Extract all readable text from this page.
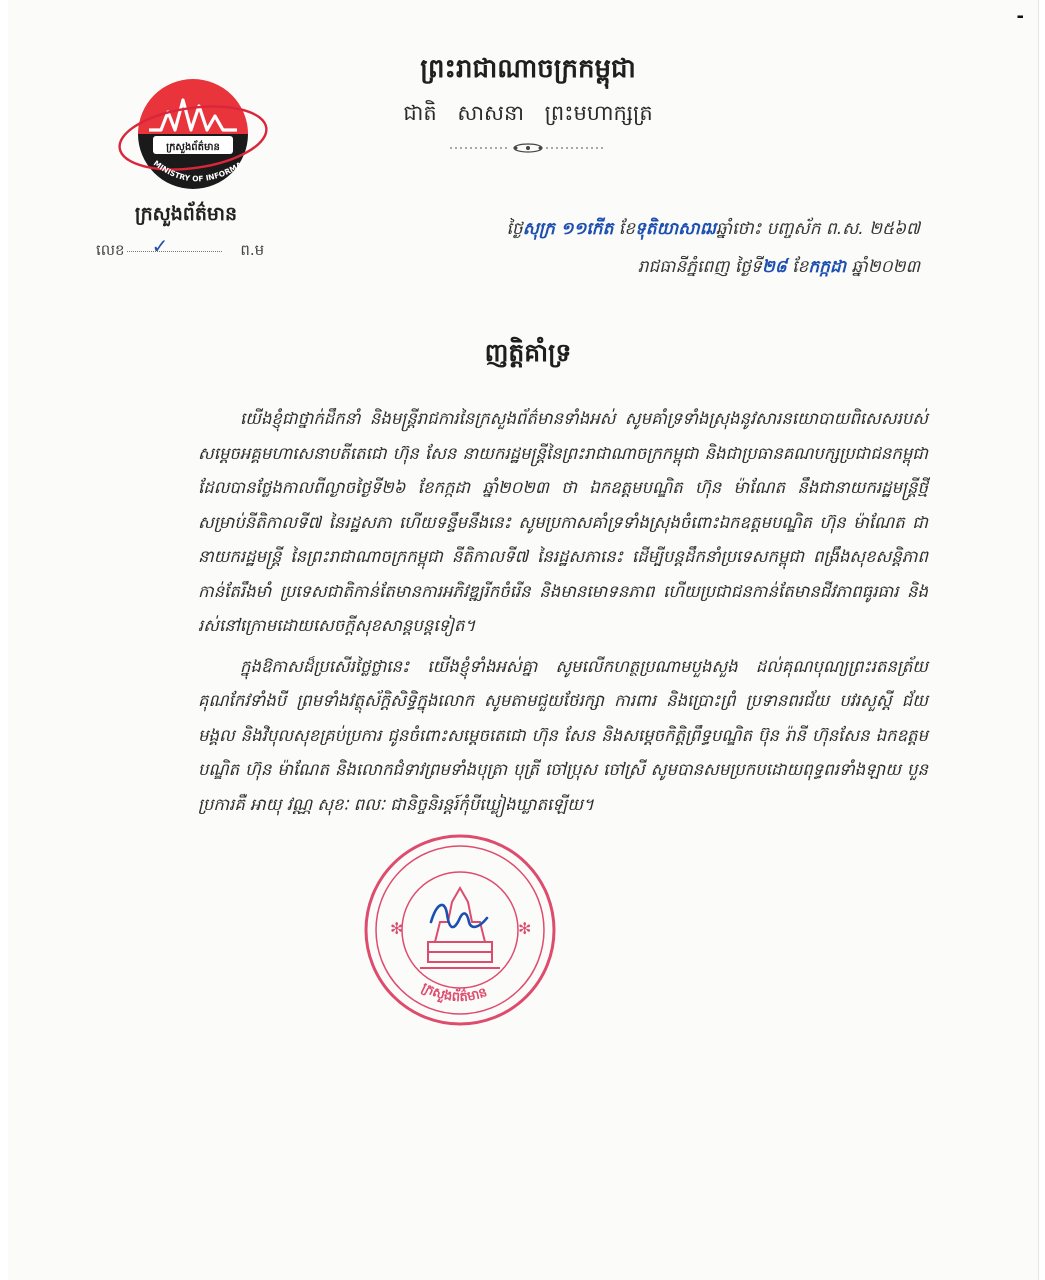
-
ក្រសួងព័ត៌មាន
MINISTRY OF INFORMA
ក្រសួងព័ត៌មាន
លេខ ✓	ព.ម
ព្រះរាជាណាចក្រកម្ពុជា
ជាតិ សាសនា ព្រះមហាក្សត្រ
ថ្ងៃសុក្រ ១១កើត ខែទុតិយាសាឍឆ្នាំថោះ បញ្ចស័ក ព.ស. ២៥៦៧
រាជធានីភ្នំពេញ ថ្ងៃទី២៨ ខែកក្កដា ឆ្នាំ២០២៣
ញត្តិគាំទ្រ

យើងខ្ញុំជាថ្នាក់ដឹកនាំ និងមន្ត្រីរាជការនៃក្រសួងព័ត៌មានទាំងអស់ សូមគាំទ្រទាំងស្រុងនូវសារនយោបាយពិសេសរបស់សម្តេចអគ្គមហាសេនាបតីតេជោ ហ៊ុន សែន នាយករដ្ឋមន្ត្រីនៃព្រះរាជាណាចក្រកម្ពុជា និងជាប្រធានគណបក្សប្រជាជនកម្ពុជា ដែលបានថ្លែងកាលពីល្ងាចថ្ងៃទី២៦ ខែកក្កដា ឆ្នាំ២០២៣ ថា ឯកឧត្តមបណ្ឌិត ហ៊ុន ម៉ាណែត នឹងជានាយករដ្ឋមន្ត្រីថ្មី សម្រាប់នីតិកាលទី៧ នៃរដ្ឋសភា ហើយទន្ទឹមនឹងនេះ សូមប្រកាសគាំទ្រទាំងស្រុងចំពោះឯកឧត្តមបណ្ឌិត ហ៊ុន ម៉ាណែត ជានាយករដ្ឋមន្ត្រី នៃព្រះរាជាណាចក្រកម្ពុជា នីតិកាលទី៧ នៃរដ្ឋសភានេះ ដើម្បីបន្តដឹកនាំប្រទេសកម្ពុជា ពង្រឹងសុខសន្តិភាពកាន់តែរឹងមាំ ប្រទេសជាតិកាន់តែមានការអភិវឌ្ឍរីកចំរើន និងមានមោទនភាព ហើយប្រជាជនកាន់តែមានជីវភាពធូរធារ និងរស់នៅក្រោមដោយសេចក្តីសុខសាន្តបន្តទៀត។

ក្នុងឱកាសដ៏ប្រសើរថ្លៃថ្លានេះ យើងខ្ញុំទាំងអស់គ្នា សូមលើកហត្ថប្រណាមបួងសួង ដល់គុណបុណ្យព្រះរតនត្រ័យ គុណកែវទាំងបី ព្រមទាំងវត្ថុស័ក្តិសិទ្ធិក្នុងលោក សូមតាមជួយថែរក្សា ការពារ និងប្រោះព្រំ ប្រទានពរជ័យ បវរសួស្តី ជ័យមង្គល និងវិបុលសុខគ្រប់ប្រការ ជូនចំពោះសម្តេចតេជោ ហ៊ុន សែន និងសម្តេចកិត្តិព្រឹទ្ធបណ្ឌិត ប៊ុន រ៉ានី ហ៊ុនសែន ឯកឧត្តមបណ្ឌិត ហ៊ុន ម៉ាណែត និងលោកជំទាវព្រមទាំងបុត្រា បុត្រី ចៅប្រុស ចៅស្រី សូមបានសមប្រកបដោយពុទ្ធពរទាំងឡាយ បួនប្រការគឺ អាយុ វណ្ណ សុខៈ ពលៈ ជានិច្ចនិរន្តរ៍កុំបីឃ្លៀងឃ្លាតឡើយ។

✻	✻
ក្រសួងព័ត៌មាន
